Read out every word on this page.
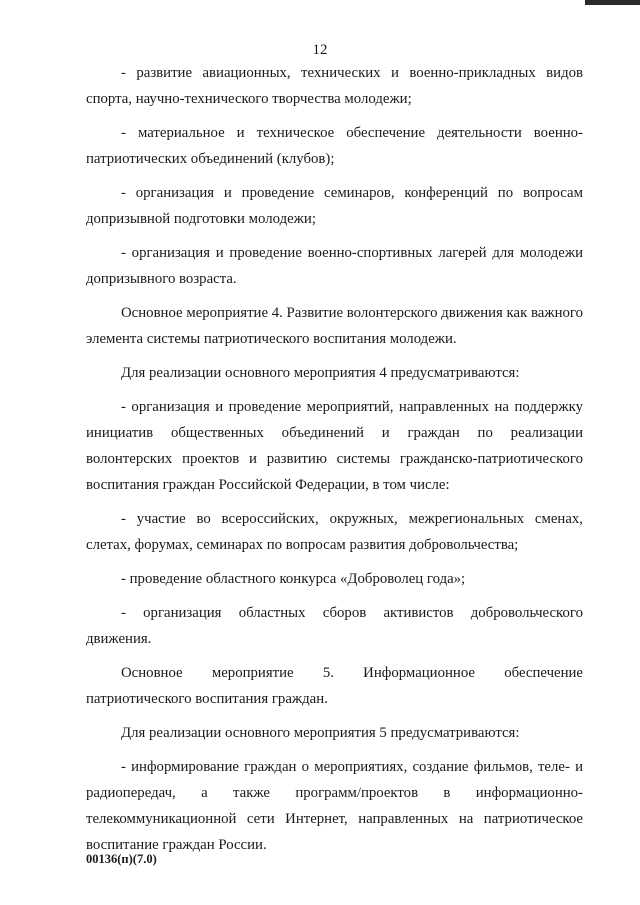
12

- развитие авиационных, технических и военно-прикладных видов спорта, научно-технического творчества молодежи;

- материальное и техническое обеспечение деятельности военно-патриотических объединений (клубов);

- организация и проведение семинаров, конференций по вопросам допризывной подготовки молодежи;

- организация и проведение военно-спортивных лагерей для молодежи допризывного возраста.

Основное мероприятие 4. Развитие волонтерского движения как важного элемента системы патриотического воспитания молодежи.

Для реализации основного мероприятия 4 предусматриваются:

- организация и проведение мероприятий, направленных на поддержку инициатив общественных объединений и граждан по реализации волонтерских проектов и развитию системы гражданско-патриотического воспитания граждан Российской Федерации, в том числе:

- участие во всероссийских, окружных, межрегиональных сменах, слетах, форумах, семинарах по вопросам развития добровольчества;

- проведение областного конкурса «Доброволец года»;

- организация областных сборов активистов добровольческого движения.

Основное мероприятие 5. Информационное обеспечение патриотического воспитания граждан.

Для реализации основного мероприятия 5 предусматриваются:

- информирование граждан о мероприятиях, создание фильмов, теле- и радиопередач, а также программ/проектов в информационно-телекоммуникационной сети Интернет, направленных на патриотическое воспитание граждан России.

00136(п)(7.0)
